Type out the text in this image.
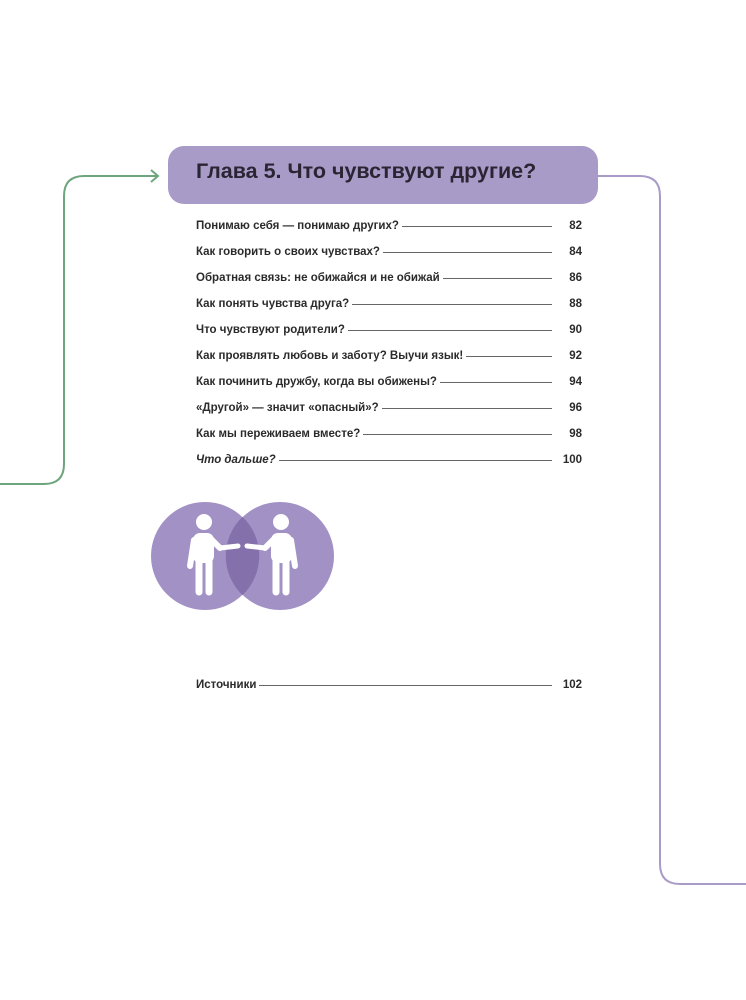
Глава 5. Что чувствуют другие?
Понимаю себя — понимаю других?	82
Как говорить о своих чувствах?	84
Обратная связь: не обижайся и не обижай	86
Как понять чувства друга?	88
Что чувствуют родители?	90
Как проявлять любовь и заботу? Выучи язык!	92
Как починить дружбу, когда вы обижены?	94
«Другой» — значит «опасный»?	96
Как мы переживаем вместе?	98
Что дальше?	100
Источники	102
